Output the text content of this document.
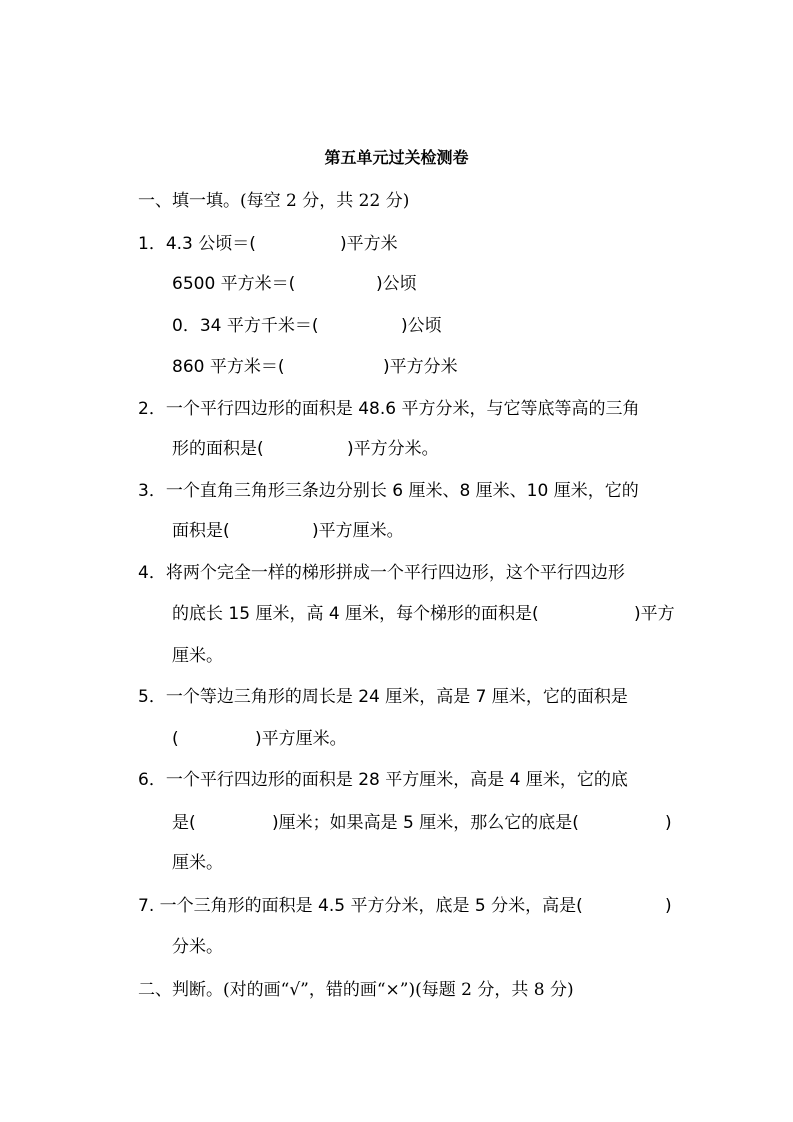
第五单元过关检测卷
一、填一填。(每空 2 分，共 22 分)
1．4.3 公顷＝(	)平方米
6500 平方米＝(	)公顷
0．34 平方千米＝(	)公顷
860 平方米＝(	)平方分米
2．一个平行四边形的面积是 48.6 平方分米，与它等底等高的三角
形的面积是(	)平方分米。
3．一个直角三角形三条边分别长 6 厘米、8 厘米、10 厘米，它的
面积是(	)平方厘米。
4．将两个完全一样的梯形拼成一个平行四边形，这个平行四边形
的底长 15 厘米，高 4 厘米，每个梯形的面积是(	)平方
厘米。
5．一个等边三角形的周长是 24 厘米，高是 7 厘米，它的面积是
(	)平方厘米。
6．一个平行四边形的面积是 28 平方厘米，高是 4 厘米，它的底
是(	)厘米；如果高是 5 厘米，那么它的底是(	)
厘米。
7. 一个三角形的面积是 4.5 平方分米，底是 5 分米，高是(	)
分米。
二、判断。(对的画“√”，错的画“×”)(每题 2 分，共 8 分)
